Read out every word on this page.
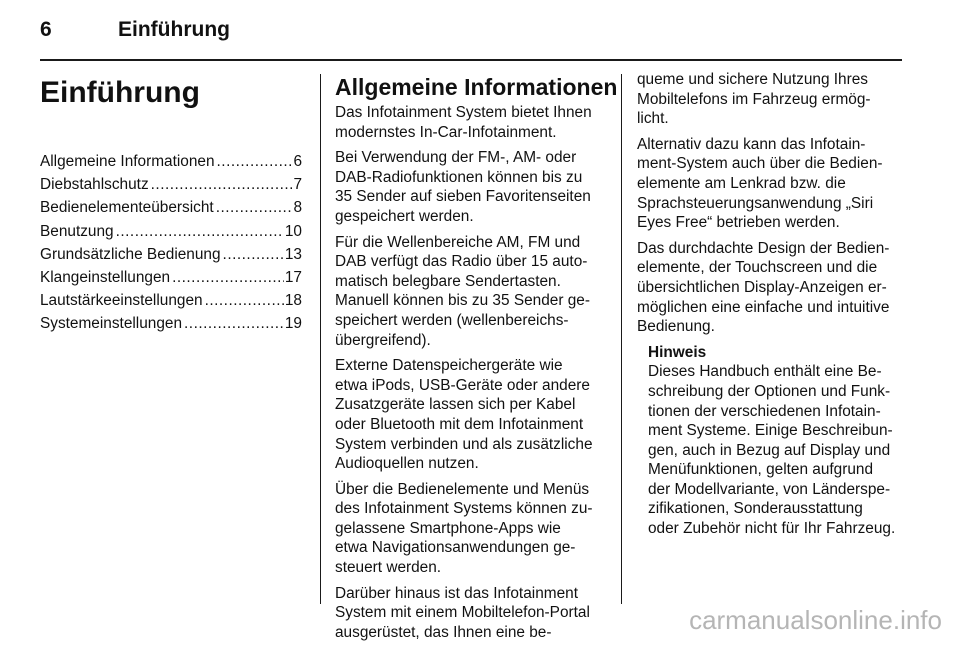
6	Einführung
Einführung
Allgemeine Informationen .....	6
Diebstahlschutz .....	7
Bedienelementeübersicht .....	8
Benutzung .....	10
Grundsätzliche Bedienung .....	13
Klangeinstellungen .....	17
Lautstärkeeinstellungen .....	18
Systemeinstellungen .....	19
Allgemeine Informationen
Das Infotainment System bietet Ihnen
modernstes In-Car-Infotainment.
Bei Verwendung der FM-, AM- oder
DAB-Radiofunktionen können bis zu
35 Sender auf sieben Favoritenseiten
gespeichert werden.
Für die Wellenbereiche AM, FM und
DAB verfügt das Radio über 15 auto-
matisch belegbare Sendertasten.
Manuell können bis zu 35 Sender ge-
speichert werden (wellenbereichs-
übergreifend).
Externe Datenspeichergeräte wie
etwa iPods, USB-Geräte oder andere
Zusatzgeräte lassen sich per Kabel
oder Bluetooth mit dem Infotainment
System verbinden und als zusätzliche
Audioquellen nutzen.
Über die Bedienelemente und Menüs
des Infotainment Systems können zu-
gelassene Smartphone-Apps wie
etwa Navigationsanwendungen ge-
steuert werden.
Darüber hinaus ist das Infotainment
System mit einem Mobiltelefon-Portal
ausgerüstet, das Ihnen eine be-
queme und sichere Nutzung Ihres
Mobiltelefons im Fahrzeug ermög-
licht.
Alternativ dazu kann das Infotain-
ment-System auch über die Bedien-
elemente am Lenkrad bzw. die
Sprachsteuerungsanwendung „Siri
Eyes Free“ betrieben werden.
Das durchdachte Design der Bedien-
elemente, der Touchscreen und die
übersichtlichen Display-Anzeigen er-
möglichen eine einfache und intuitive
Bedienung.
Hinweis
Dieses Handbuch enthält eine Be-
schreibung der Optionen und Funk-
tionen der verschiedenen Infotain-
ment Systeme. Einige Beschreibun-
gen, auch in Bezug auf Display und
Menüfunktionen, gelten aufgrund
der Modellvariante, von Länderspe-
zifikationen, Sonderausstattung
oder Zubehör nicht für Ihr Fahrzeug.
carmanualsonline.info
